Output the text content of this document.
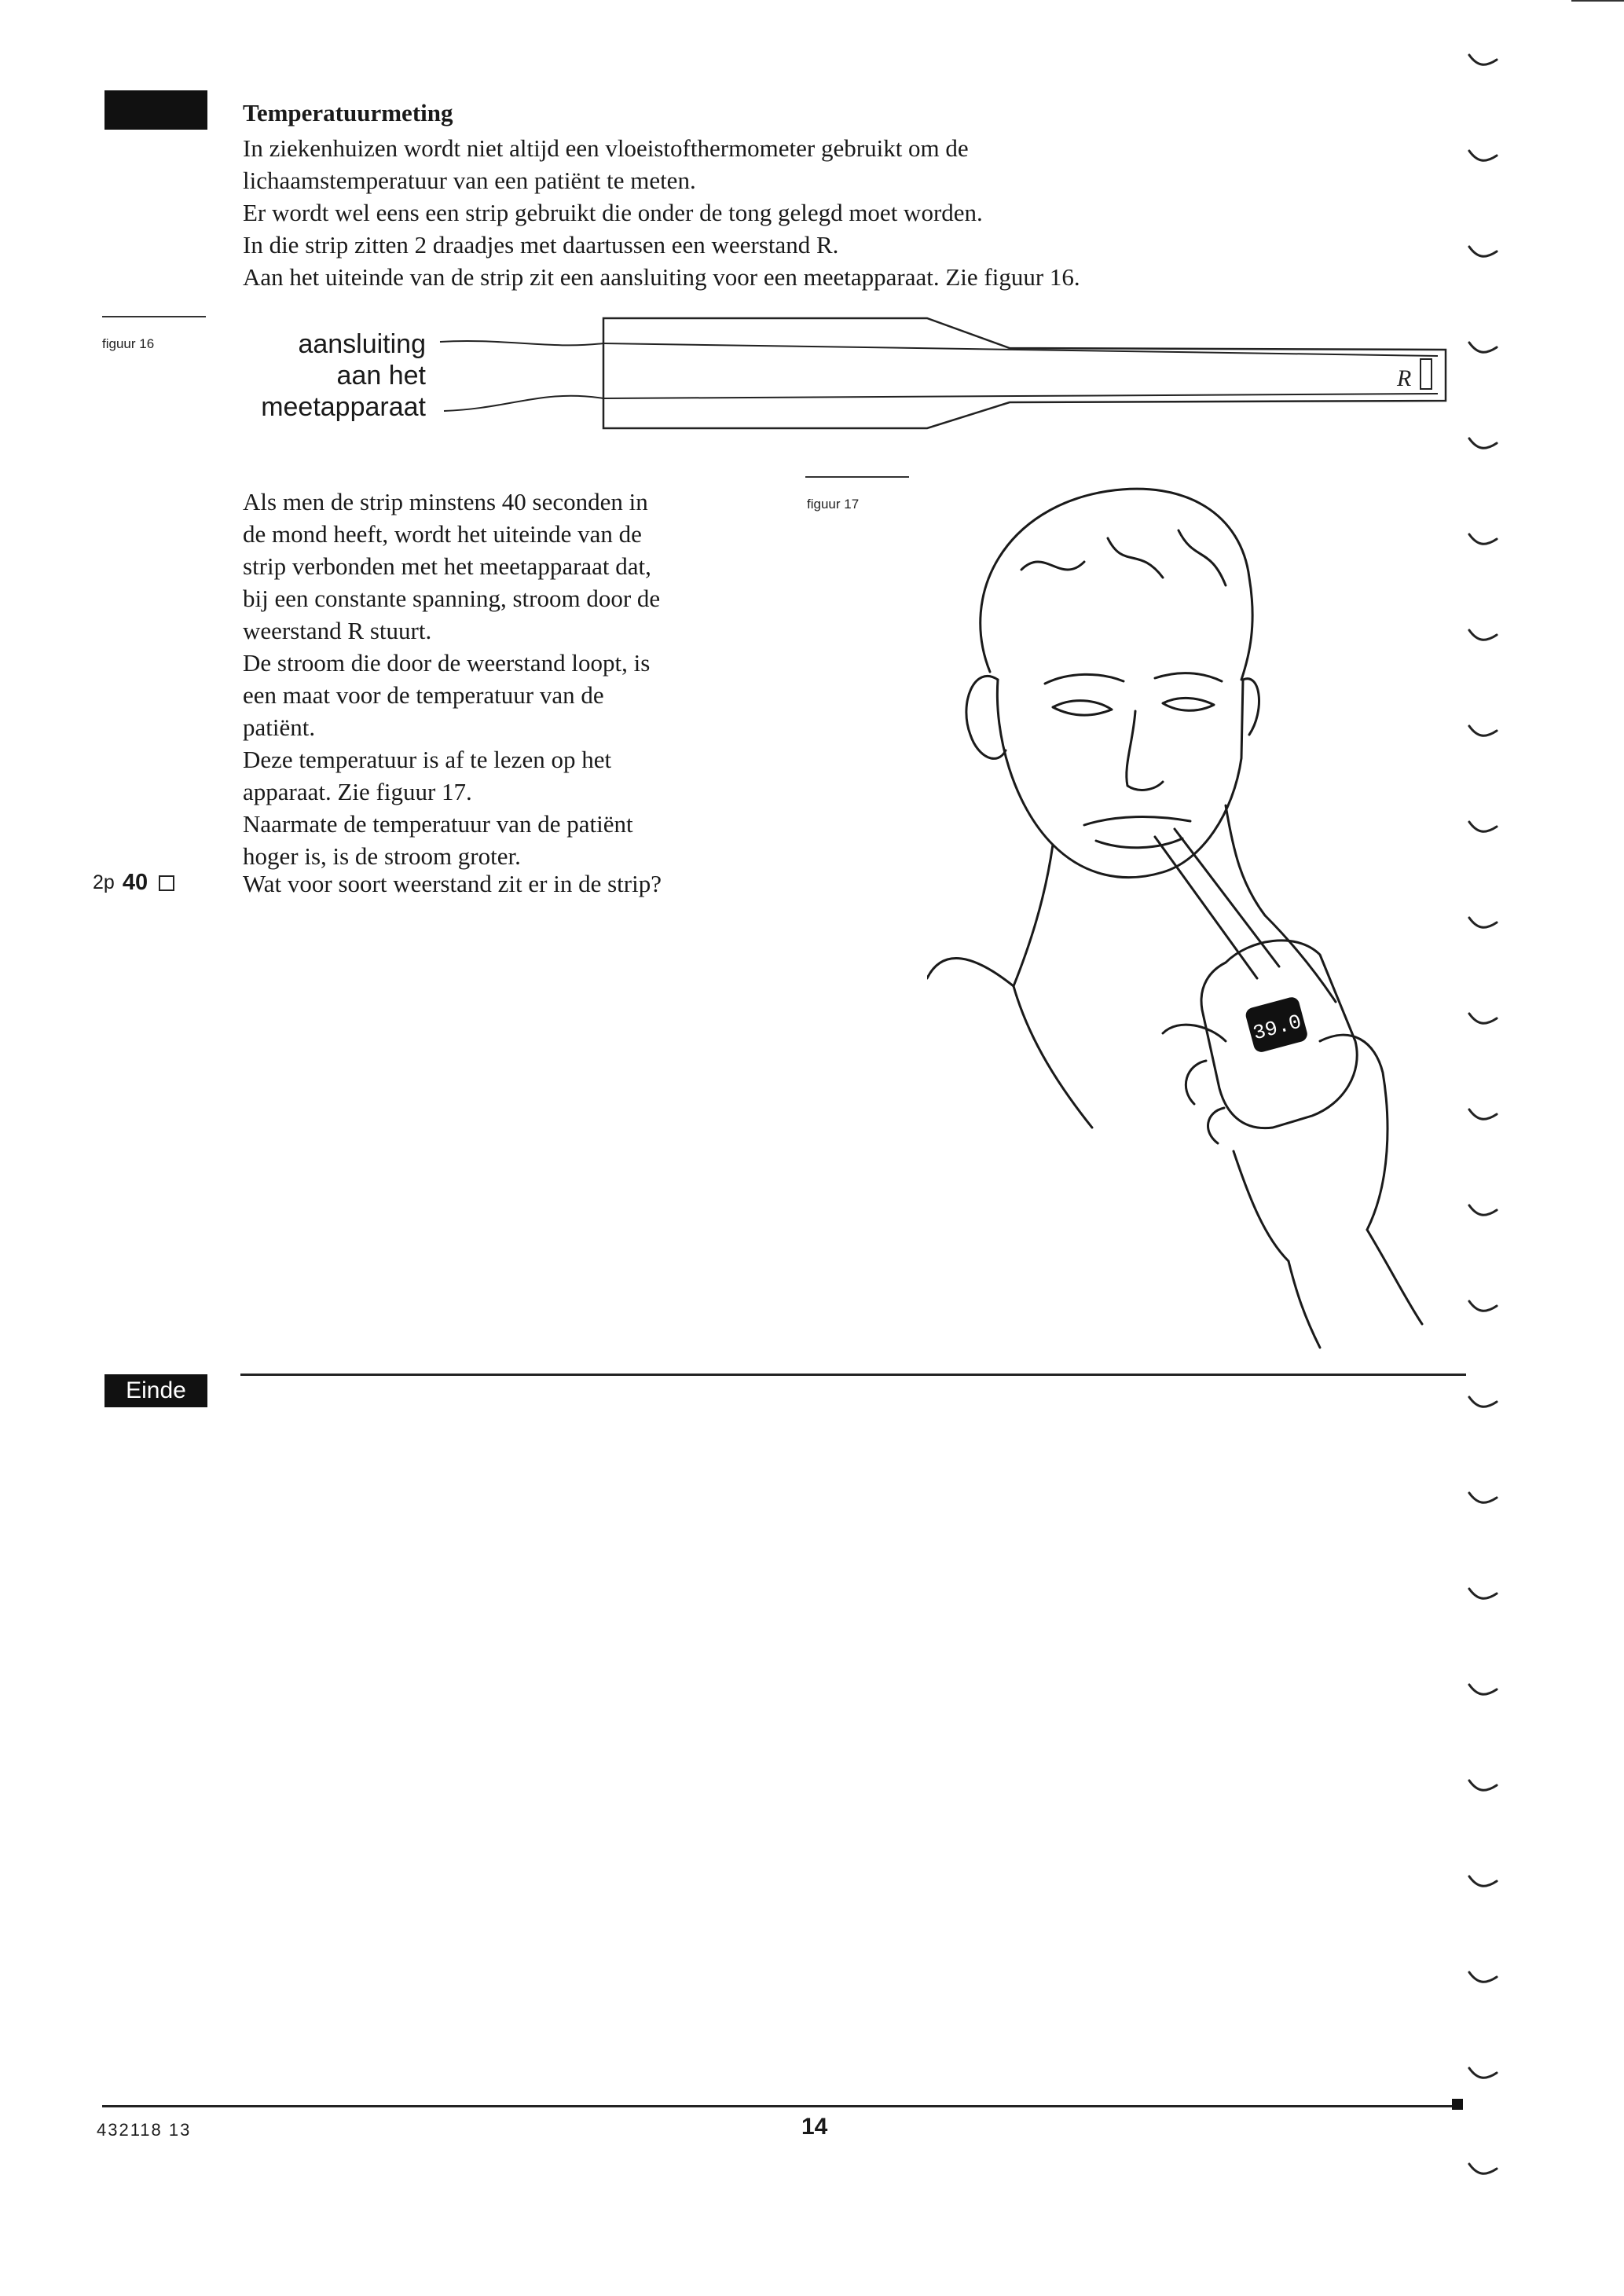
Temperatuurmeting
In ziekenhuizen wordt niet altijd een vloeistofthermometer gebruikt om de
lichaamstemperatuur van een patiënt te meten.
Er wordt wel eens een strip gebruikt die onder de tong gelegd moet worden.
In die strip zitten 2 draadjes met daartussen een weerstand R.
Aan het uiteinde van de strip zit een aansluiting voor een meetapparaat. Zie figuur 16.
figuur 16	aansluiting
aan het
meetapparaat
R
Als men de strip minstens 40 seconden in
de mond heeft, wordt het uiteinde van de
strip verbonden met het meetapparaat dat,
bij een constante spanning, stroom door de
weerstand R stuurt.
De stroom die door de weerstand loopt, is
een maat voor de temperatuur van de
patiënt.
Deze temperatuur is af te lezen op het
apparaat. Zie figuur 17.
Naarmate de temperatuur van de patiënt
hoger is, is de stroom groter.
2p 40	Wat voor soort weerstand zit er in de strip?
figuur 17
39.0
Einde
432118 13	14
